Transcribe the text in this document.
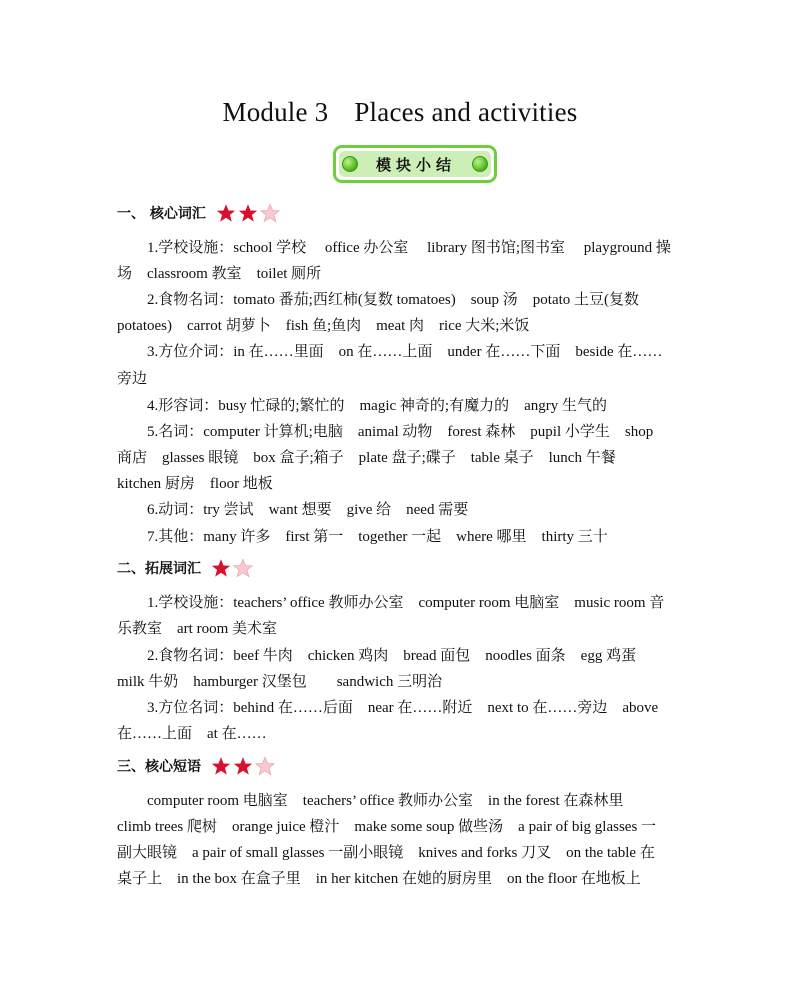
Module 3 Places and activities
模块小结
一、 核心词汇
1.学校设施：school 学校　 office 办公室　 library 图书馆;图书室　 playground 操
场　classroom 教室　toilet 厕所
2.食物名词：tomato 番茄;西红柿(复数 tomatoes)　soup 汤　potato 土豆(复数
potatoes)　carrot 胡萝卜　fish 鱼;鱼肉　meat 肉　rice 大米;米饭
3.方位介词：in 在……里面　on 在……上面　under 在……下面　beside 在……
旁边
4.形容词：busy 忙碌的;繁忙的　magic 神奇的;有魔力的　angry 生气的
5.名词：computer 计算机;电脑　animal 动物　forest 森林　pupil 小学生　shop
商店　glasses 眼镜　box 盒子;箱子　plate 盘子;碟子　table 桌子　lunch 午餐
kitchen 厨房　floor 地板
6.动词：try 尝试　want 想要　give 给　need 需要
7.其他：many 许多　first 第一　together 一起　where 哪里　thirty 三十
二、拓展词汇
1.学校设施：teachers’ office 教师办公室　computer room 电脑室　music room 音
乐教室　art room 美术室
2.食物名词：beef 牛肉　chicken 鸡肉　bread 面包　noodles 面条　egg 鸡蛋
milk 牛奶　hamburger 汉堡包　　sandwich 三明治
3.方位名词：behind 在……后面　near 在……附近　next to 在……旁边　above
在……上面　at 在……
三、核心短语
computer room 电脑室　teachers’ office 教师办公室　in the forest 在森林里
climb trees 爬树　orange juice 橙汁　make some soup 做些汤　a pair of big glasses 一
副大眼镜　a pair of small glasses 一副小眼镜　knives and forks 刀叉　on the table 在
桌子上　in the box 在盒子里　in her kitchen 在她的厨房里　on the floor 在地板上
